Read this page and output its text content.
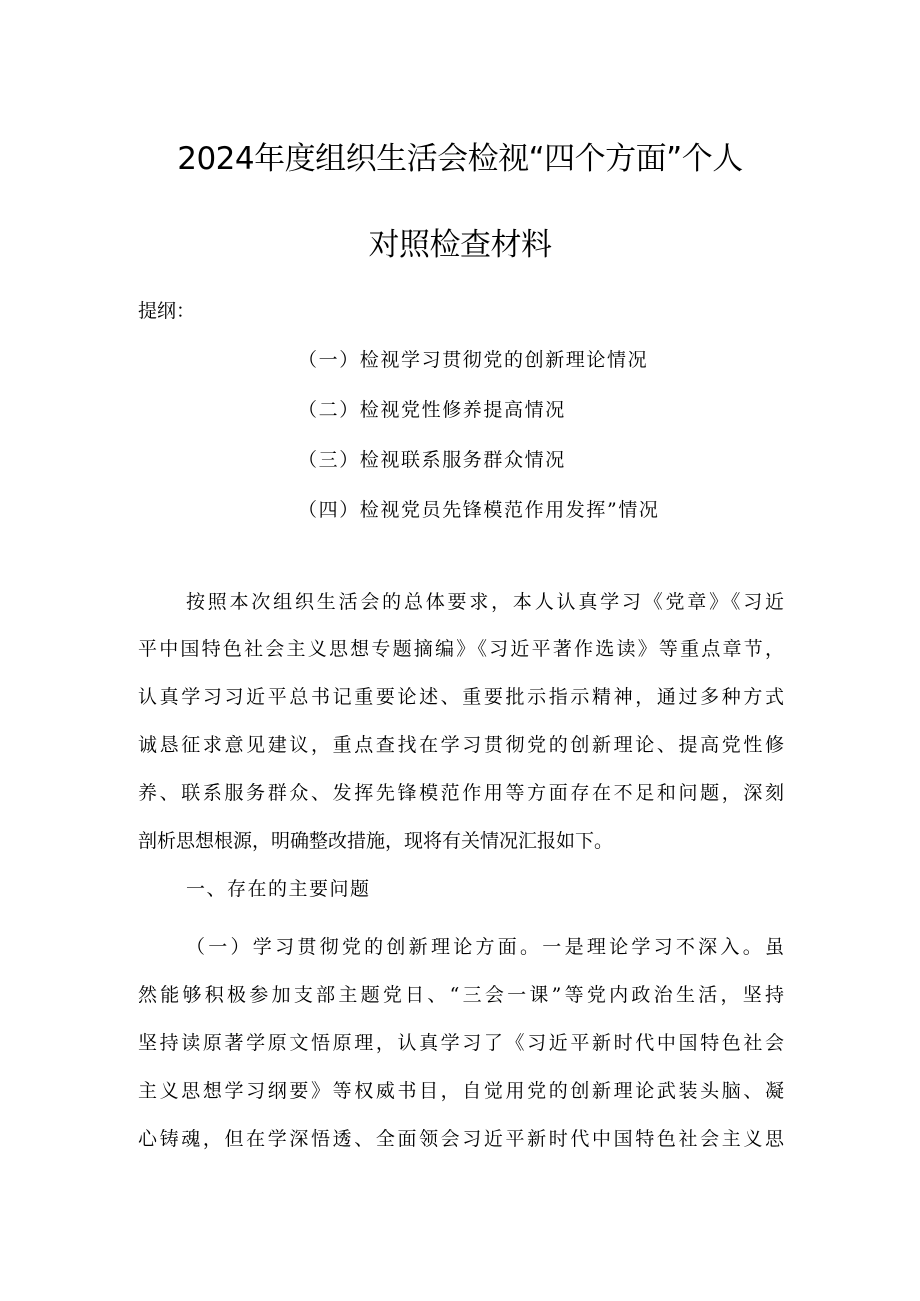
2024年度组织生活会检视“四个方面”个人
对照检查材料
提纲：
（一）检视学习贯彻党的创新理论情况
（二）检视党性修养提高情况
（三）检视联系服务群众情况
（四）检视党员先锋模范作用发挥”情况
按照本次组织生活会的总体要求，本人认真学习《党章》《习近
平中国特色社会主义思想专题摘编》《习近平著作选读》等重点章节，
认真学习习近平总书记重要论述、重要批示指示精神，通过多种方式
诚恳征求意见建议，重点查找在学习贯彻党的创新理论、提高党性修
养、联系服务群众、发挥先锋模范作用等方面存在不足和问题，深刻
剖析思想根源，明确整改措施，现将有关情况汇报如下。
一、存在的主要问题
（一）学习贯彻党的创新理论方面。一是理论学习不深入。虽
然能够积极参加支部主题党日、“三会一课”等党内政治生活，坚持
坚持读原著学原文悟原理，认真学习了《习近平新时代中国特色社会
主义思想学习纲要》等权威书目，自觉用党的创新理论武装头脑、凝
心铸魂，但在学深悟透、全面领会习近平新时代中国特色社会主义思
